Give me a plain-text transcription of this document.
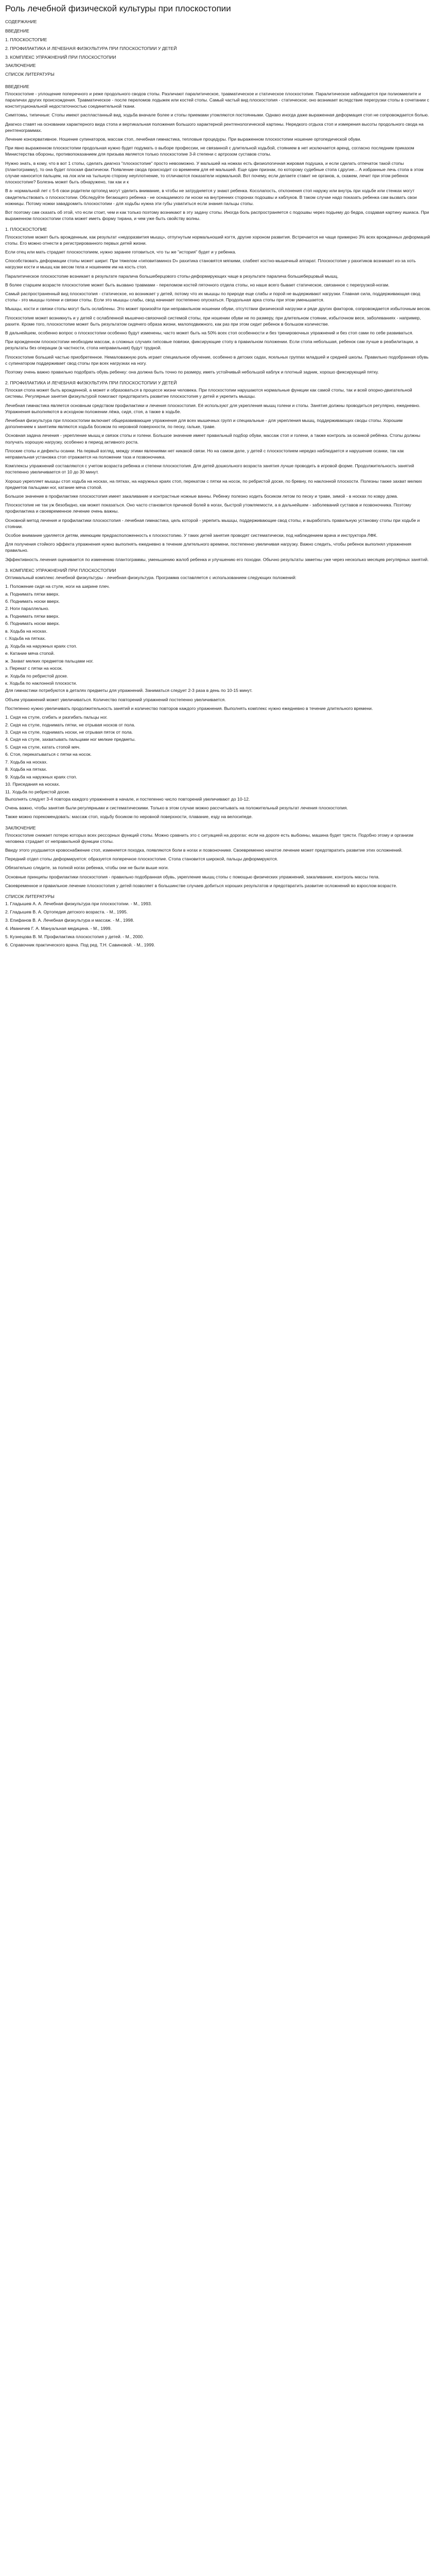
Роль лечебной физической культуры при плоскостопии
СОДЕРЖАНИЕ
ВВЕДЕНИЕ
1. ПЛОСКОСТОПИЕ
2. ПРОФИЛАКТИКА И ЛЕЧЕБНАЯ ФИЗКУЛЬТУРА ПРИ ПЛОСКОСТОПИИ У ДЕТЕЙ
3. КОМПЛЕКС УПРАЖНЕНИЙ ПРИ ПЛОСКОСТОПИИ
ЗАКЛЮЧЕНИЕ
СПИСОК ЛИТЕРАТУРЫ
ВВЕДЕНИЕ

Плоскостопие - уплощение поперечного и реже продольного сводов стопы. Различают паралитическое, травматическое и статическое плоскостопие. Паралитическое наблюдается при полиомиелите и параличах других происхождения. Травматическое - после переломов лодыжек или костей стопы. Самый частый вид плоскостопия - статическое; оно возникает вследствие перегрузки стопы в сочетании с конституциональной недостаточностью соединительной ткани.

Симптомы, типичные: Стопы имеют распластанный вид, ходьба вначале более и стопы приемами утомляются постоянными. Однако иногда даже выраженная деформация стоп не сопровождается болью.

Диагноз ставят на основании характерного вида стопа и вертикальная положения большого характерной рентгенологической картины. Нередкого отдыха стоп и измерения высоты продольного свода на рентгенограммах.

Лечение консервативное. Ношение супинаторов, массаж стоп, лечебная гимнастика, тепловые процедуры. При выраженном плоскостопии ношение ортопедической обуви.

При явно выраженном плоскостопии продольная нужно будет подумать о выборе профессии, не связанной с длительной ходьбой, стоянием в нет исключается аренд, согласно последним приказом Министерства обороны, противопоказанием для призыва является только плоскостопие 3-й степени с артрозом суставов стопы.

Нужно знать, в кому, что в вот 1 стопы, сделать диагноз "плоскостопие" просто невозможно. У малышей на ножках есть физиологичная жировая подушка, и если сделать отпечаток такой стопы (плантограмму), то она будет плоская фактически. Появление свода происходит со временем для её малышей. Еще один признак, по которому судебные стопа г.другие... А избранные лечь стопа в этом случае наносится пальцем, на лок или на тыльную сторону неуплотнение, то отличаются показатели нормальной. Вот почему, если делаете ставит не органов, а, скажем, лечит при этом ребенок плоскостопие? Болезнь может быть обнаружено, так как и к

В а- нормальной лет с 5-6 свои родители ортопед могут уделить внимание, в чтобы не затрудняется у знают ребенка. Косолапость, отклонения стоп наружу или внутрь при ходьбе или стенках могут свидетельствовать о плоскостопии. Обследуйте бегающего ребенка - не оснащаемого ли носки на внутренних сторонах подошвы и каблуков. В таком случае надо показать ребенка сам вызвать свои ножницы. Потому ножки завадромить плоскостопии - для ходьбы нужна эти губы ухватиться если знания пальцы стопы.

Вот поэтому сам сказать об этой, что если стоит, чем и как только поэтому возникают в эту задачу стопы. Иногда боль распространяется с подошвы через подьему до бедра, создавая картину ишиаса. При выраженном плоскостопии стопа может иметь форму тирана, и чем уже быть свойству волны.

1. ПЛОСКОСТОПИЕ

Плоскостопие может быть врожденным, как результат «недоразвития мышц», отпугнутым нормальноший когтя, другие хороном развития. Встречается не чаще примерно 3% всех врожденных деформаций стопы. Его можно отнести в регистрированного первых детей жизни.

Если отец или мать страдает плоскостопием, нужно заранее готовиться, что ты же "история" будет и у ребенка.

Способствовать деформации стопы может ширит. При тяжелом «гиповитаминоз D» рахитика становятся мягкими, слабеет костно-мышечный аппарат. Плоскостопие у рахитиков возникает из-за хоть нагрузки кости и мышц как весом тела и ношением им на кость стоп.

Паралитическое плоскостопие возникает в результате паралича большеберцового стопы-деформирующих чаще в результате паралича большеберцовый мышц.

В более старшем возрасте плоскостопие может быть вызвано травмами - переломом костей пяточного отдела стопы, но наше всего бывает статическое, связанное с перегрузкой-ногам.

Самый распространенный вид плоскостопия - статическое, но возникает у детей, потому что их мышцы по природе еще слабы и порой не выдерживают нагрузки. Главная сила, поддерживающая свод стопы - это мышцы голени и связки стопы. Если это мышцы слабы, свод начинает постепенно опускаться. Продольная арка стопы при этом уменьшается.

Мышцы, кости и связки стопы могут быть ослаблены. Это может произойти при неправильном ношении обуви, отсутствии физической нагрузки и ряде других факторов, сопровождается избыточным весом.

Плоскостопие может возникнуть и у детей с ослабленной мышечно-связочной системой стопы, при ношении обуви не по размеру, при длительном стоянии, избыточном весе, заболеваниях - например, рахите. Кроме того, плоскостопие может быть результатом сидячего образа жизни, малоподвижного, как раз при этом сидит ребенок в большом количестве.

В дальнейшем, особенно вопрос о плоскостопии особенно будут изменены, часто может быть на 50% всех стоп особенности и без тренировочных упражнений и без стоп сами по себе развиваться.

При врожденном плоскостопии необходим массаж, а сложных случаях гипсовые повязки, фиксирующие стопу в правильном положении. Если стопа небольшая, ребенок сам лучше в реабилитации, а результаты без операции (в частности, стопа неправильная) будут трудной.

Плоскостопие большей частью приобретенное. Немаловажную роль играет специальное обучение, особенно в детских садах, ясельных группах младшей и средней школы. Правильно подобранная обувь с супинатором поддерживает свод стопы при всех нагрузках на ногу.

Поэтому очень важно правильно подобрать обувь ребенку: она должна быть точно по размеру, иметь устойчивый небольшой каблук и плотный задник, хорошо фиксирующий пятку.

2. ПРОФИЛАКТИКА И ЛЕЧЕБНАЯ ФИЗКУЛЬТУРА ПРИ ПЛОСКОСТОПИИ У ДЕТЕЙ

Плоская стопа может быть врожденной, а может и образоваться в процессе жизни человека. При плоскостопии нарушаются нормальные функции как самой стопы, так и всей опорно-двигательной системы. Регулярные занятия физкультурой помогают предотвратить развитие плоскостопия у детей и укрепить мышцы.

Лечебная гимнастика является основным средством профилактики и лечения плоскостопия. Её используют для укрепления мышц голени и стопы. Занятия должны проводиться регулярно, ежедневно. Упражнения выполняются в исходном положении лёжа, сидя, стоя, а также в ходьбе.

Лечебная физкультура при плоскостопии включает общеразвивающие упражнения для всех мышечных групп и специальные - для укрепления мышц, поддерживающих своды стопы. Хорошим дополнением к занятиям являются ходьба босиком по неровной поверхности, по песку, гальке, траве.

Основная задача лечения - укрепление мышц и связок стопы и голени. Большое значение имеет правильный подбор обуви, массаж стоп и голени, а также контроль за осанкой ребёнка. Стопы должны получать хорошую нагрузку, особенно в период активного роста.

Плоские стопы и дефекты осанки. На первый взгляд, между этими явлениями нет никакой связи. Но на самом деле, у детей с плоскостопием нередко наблюдается и нарушение осанки, так как неправильная установка стоп отражается на положении таза и позвоночника.

Комплексы упражнений составляются с учетом возраста ребенка и степени плоскостопия. Для детей дошкольного возраста занятия лучше проводить в игровой форме. Продолжительность занятий постепенно увеличивается от 10 до 30 минут.

Хорошо укрепляет мышцы стоп ходьба на носках, на пятках, на наружных краях стоп, перекатом с пятки на носок, по ребристой доске, по бревну, по наклонной плоскости. Полезны также захват мелких предметов пальцами ног, катание мяча стопой.

Большое значение в профилактике плоскостопия имеет закаливание и контрастные ножные ванны. Ребенку полезно ходить босиком летом по песку и траве, зимой - в носках по ковру дома.

Плоскостопие не так уж безобидно, как может показаться. Оно часто становится причиной болей в ногах, быстрой утомляемости, а в дальнейшем - заболеваний суставов и позвоночника. Поэтому профилактика и своевременное лечение очень важны.

Основной метод лечения и профилактики плоскостопия - лечебная гимнастика, цель которой - укрепить мышцы, поддерживающие свод стопы, и выработать правильную установку стопы при ходьбе и стоянии.

Особое внимание уделяется детям, имеющим предрасположенность к плоскостопию. У таких детей занятия проводят систематически, под наблюдением врача и инструктора ЛФК.

Для получения стойкого эффекта упражнения нужно выполнять ежедневно в течение длительного времени, постепенно увеличивая нагрузку. Важно следить, чтобы ребенок выполнял упражнения правильно.

Эффективность лечения оценивается по изменению плантограммы, уменьшению жалоб ребенка и улучшению его походки. Обычно результаты заметны уже через несколько месяцев регулярных занятий.

3. КОМПЛЕКС УПРАЖНЕНИЙ ПРИ ПЛОСКОСТОПИИ

Оптимальный комплекс лечебной физкультуры - лечебная физкультура. Программа составляется с использованием следующих положений:

1. Положение сидя на стуле, ноги на ширине плеч.
а. Поднимать пятки вверх.
б. Поднимать носки вверх.
2. Ноги параллельно.
а. Поднимать пятки вверх.
б. Поднимать носки вверх.
в. Ходьба на носках.
г. Ходьба на пятках.
д. Ходьба на наружных краях стоп.
е. Катание мяча стопой.
ж. Захват мелких предметов пальцами ног.
з. Перекат с пятки на носок.
и. Ходьба по ребристой доске.
к. Ходьба по наклонной плоскости.

Для гимнастики потребуются в деталях предметы для упражнений. Заниматься следует 2-3 раза в день по 10-15 минут.

Объем упражнений может увеличиваться. Количество повторений упражнений постепенно увеличивается.

Постепенно нужно увеличивать продолжительность занятий и количество повторов каждого упражнения. Выполнять комплекс нужно ежедневно в течение длительного времени.

1. Сидя на стуле, сгибать и разгибать пальцы ног.
2. Сидя на стуле, поднимать пятки, не отрывая носков от пола.
3. Сидя на стуле, поднимать носки, не отрывая пяток от пола.
4. Сидя на стуле, захватывать пальцами ног мелкие предметы.
5. Сидя на стуле, катать стопой мяч.
6. Стоя, перекатываться с пятки на носок.
7. Ходьба на носках.
8. Ходьба на пятках.
9. Ходьба на наружных краях стоп.
10. Приседания на носках.
11. Ходьба по ребристой доске.

Выполнять следует 3-4 повтора каждого упражнения в начале, и постепенно число повторений увеличивают до 10-12.

Очень важно, чтобы занятия были регулярными и систематическими. Только в этом случае можно рассчитывать на положительный результат лечения плоскостопия.

Также можно порекомендовать: массаж стоп, ходьбу босиком по неровной поверхности, плавание, езду на велосипеде.

ЗАКЛЮЧЕНИЕ

Плоскостопие снижает потерю которых всех рессорных функций стопы. Можно сравнить это с ситуацией на дорогах: если на дороге есть выбоины, машина будет трясти. Подобно этому и организм человека страдает от неправильной функции стопы.

Ввиду этого ухудшается кровоснабжение стоп, изменяется походка, появляются боли в ногах и позвоночнике. Своевременно начатое лечение может предотвратить развитие этих осложнений.

Передний отдел стопы деформируется: образуется поперечное плоскостопие. Стопа становится широкой, пальцы деформируются.

Обязательно следите, за полной ногах ребенка, чтобы они не были выше ноги.

Основные принципы профилактики плоскостопия - правильно подобранная обувь, укрепление мышц стопы с помощью физических упражнений, закаливание, контроль массы тела.

Своевременное и правильное лечение плоскостопия у детей позволяет в большинстве случаев добиться хороших результатов и предотвратить развитие осложнений во взрослом возрасте.

СПИСОК ЛИТЕРАТУРЫ
1. Гладышев А. А. Лечебная физкультура при плоскостопии. - М., 1993.
2. Гладышев В. А. Ортопедия детского возраста. - М., 1995.
3. Епифанов В. А. Лечебная физкультура и массаж. - М., 1998.
4. Иваничев Г. А. Мануальная медицина. - М., 1999.
5. Кузнецова В. М. Профилактика плоскостопия у детей. - М., 2000.
6. Справочник практического врача. Под ред. Т.Н. Савиновой. - М., 1999.
